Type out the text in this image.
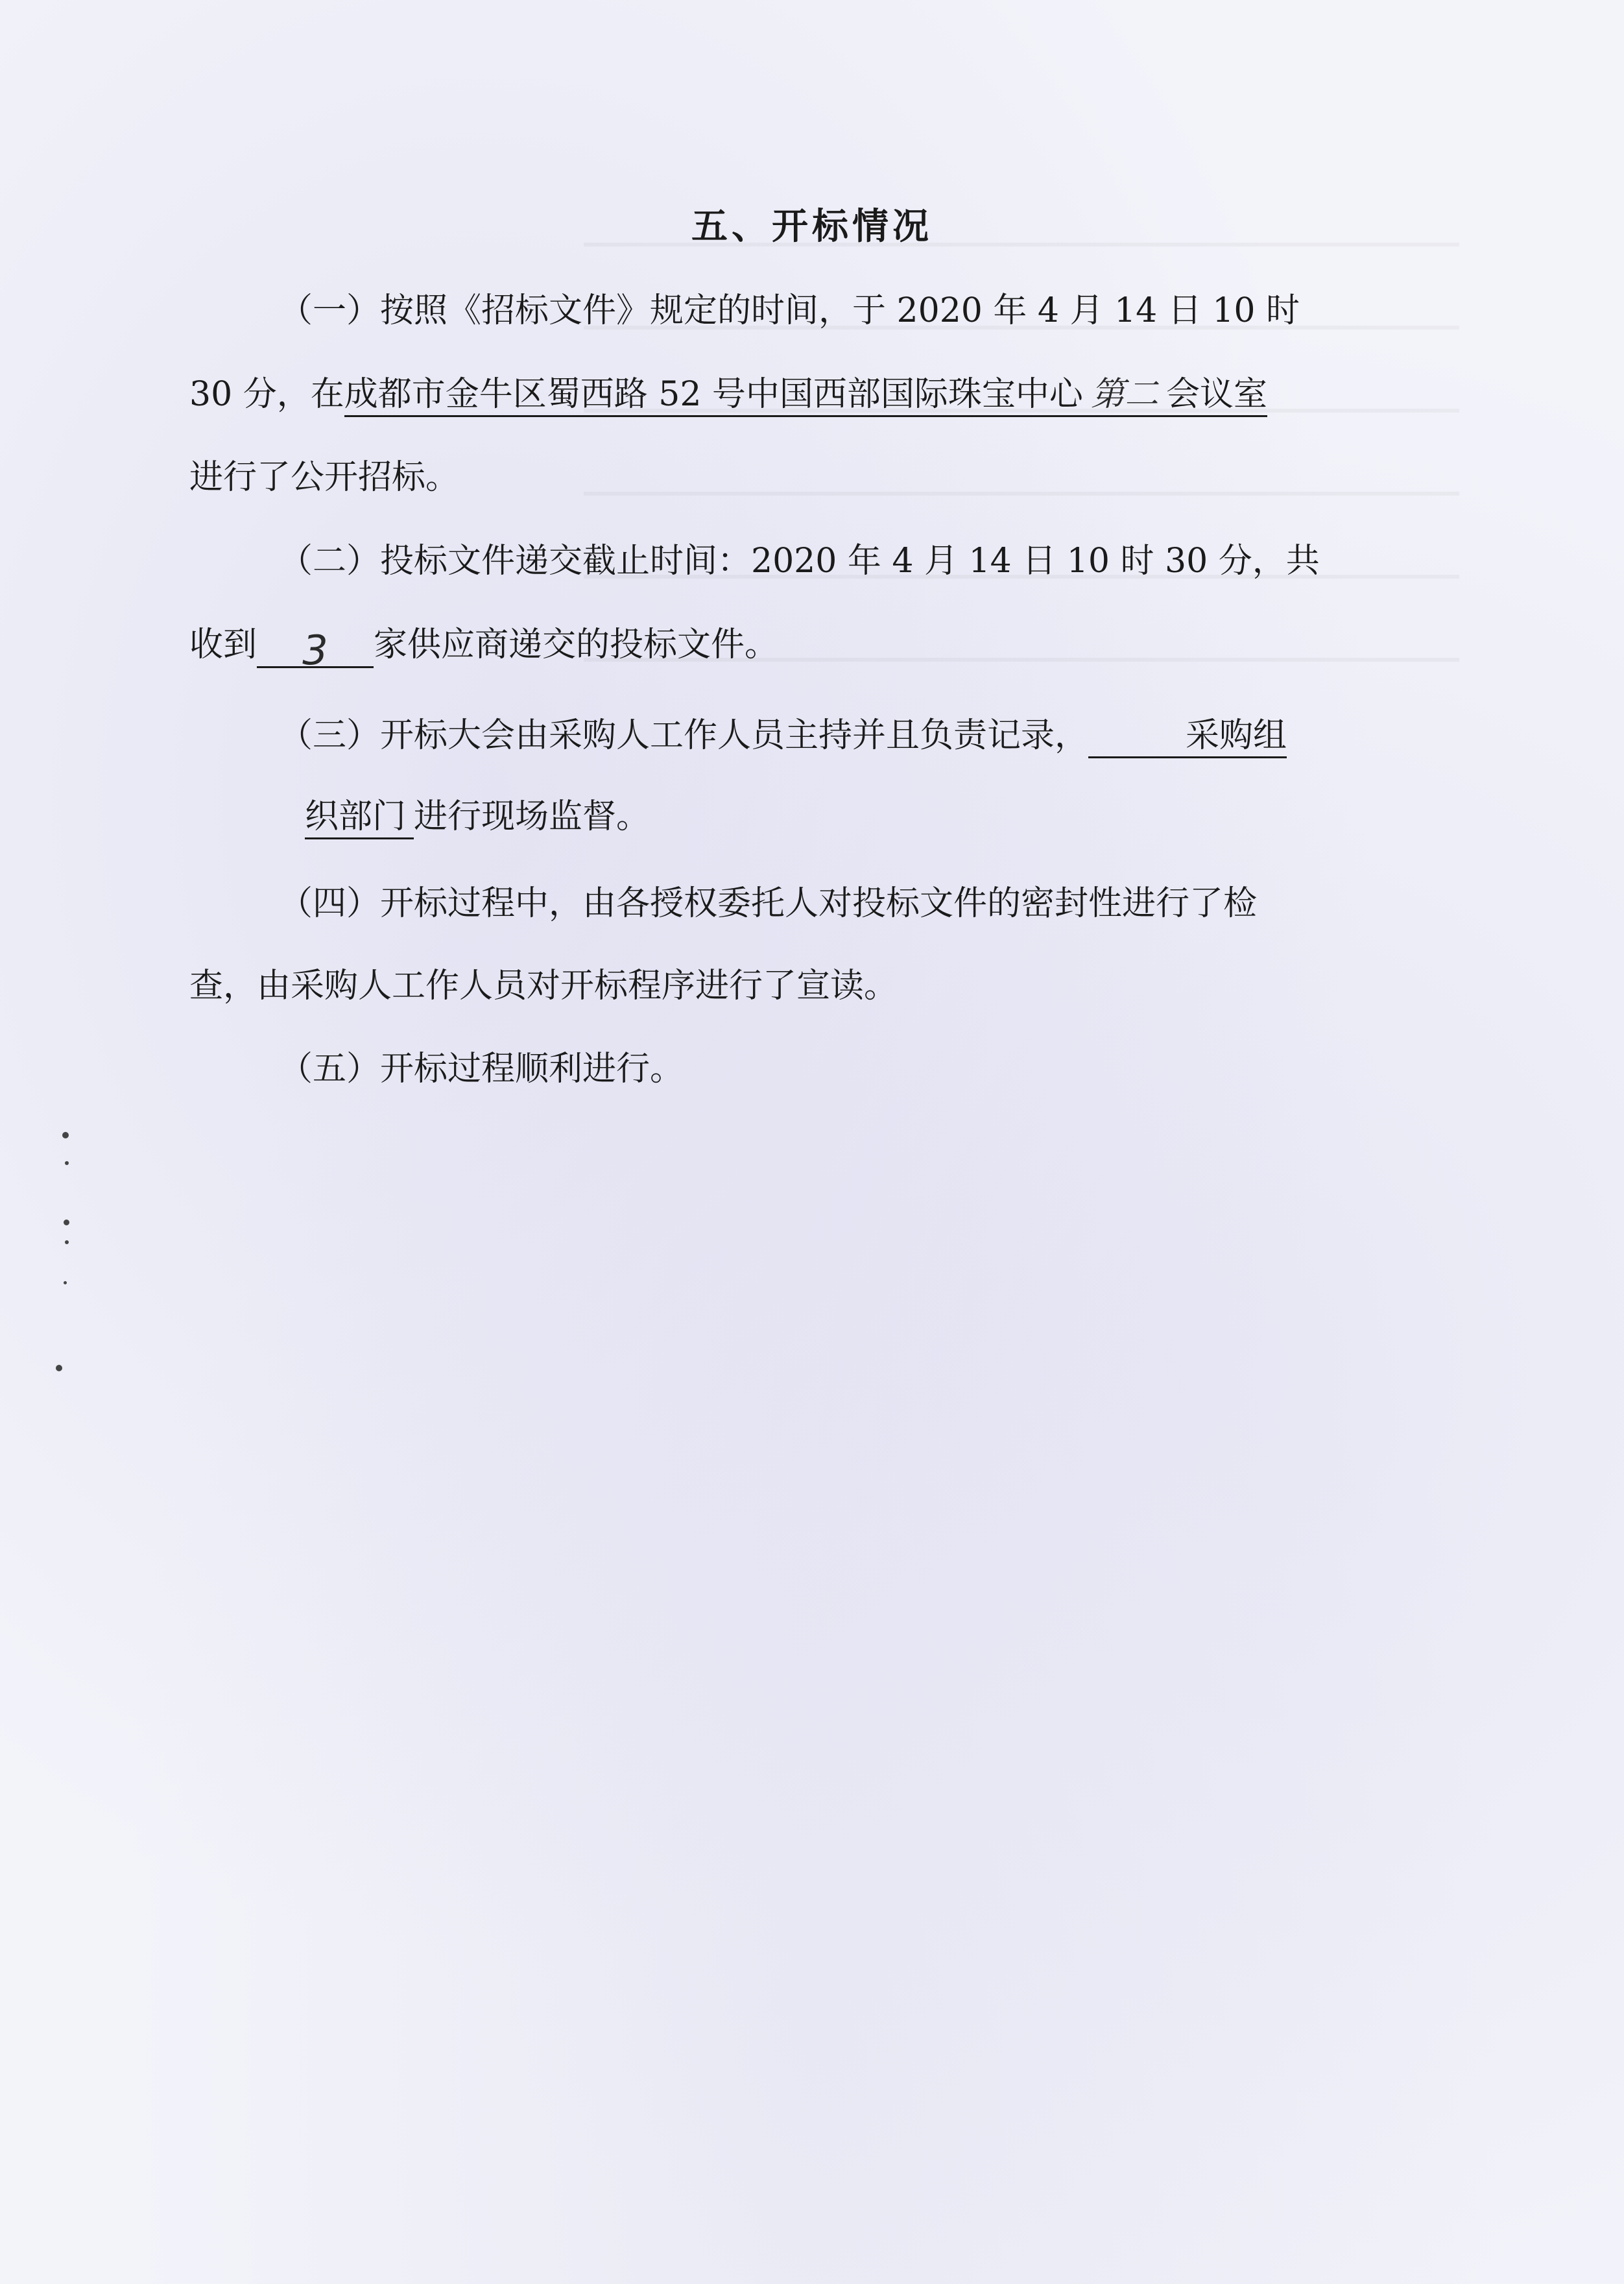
五、开标情况
（一）按照《招标文件》规定的时间，于 2020 年 4 月 14 日 10 时
30 分，在成都市金牛区蜀西路 52 号中国西部国际珠宝中心 第二 会议室
进行了公开招标。
（二）投标文件递交截止时间：2020 年 4 月 14 日 10 时 30 分，共
收到 3 家供应商递交的投标文件。
（三）开标大会由采购人工作人员主持并且负责记录，	采购组
织部门 进行现场监督。
（四）开标过程中，由各授权委托人对投标文件的密封性进行了检
查，由采购人工作人员对开标程序进行了宣读。
（五）开标过程顺利进行。
